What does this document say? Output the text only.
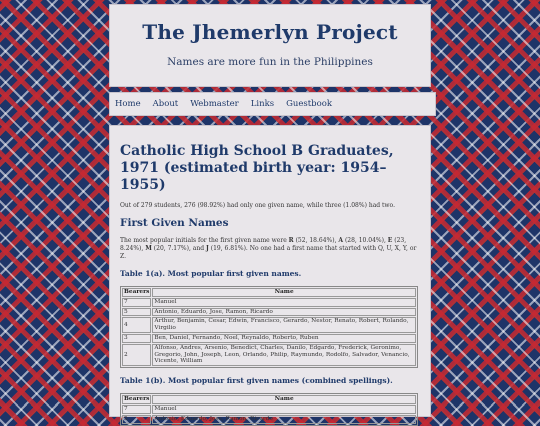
The Jhemerlyn Project
Names are more fun in the Philippines
Home About Webmaster Links Guestbook
Catholic High School B Graduates, 1971 (estimated birth year: 1954–1955)

Out of 279 students, 276 (98.92%) had only one given name, while three (1.08%) had two.

First Given Names

The most popular initials for the first given name were R (52, 18.64%), A (28, 10.04%), E (23, 8.24%), M (20, 7.17%), and J (19, 6.81%). No one had a first name that started with Q, U, X, Y, or Z.

Table 1(a). Most popular first given names.
Bearers	Name
7	Manuel
5	Antonio, Eduardo, Jose, Ramon, Ricardo
4	Arthur, Benjamin, Cesar, Edwin, Francisco, Gerardo, Nestor, Renato, Robert, Rolando, Virgilio
3	Ben, Daniel, Fernando, Noel, Reynaldo, Roberto, Ruben
2	Alfonso, Andres, Arsenio, Benedict, Charles, Danilo, Edgardo, Frederick, Geronimo, Gregorio, John, Joseph, Leon, Orlando, Philip, Raymundo, Rodolfo, Salvador, Venancio, Vicente, William
Table 1(b). Most popular first given names (combined spellings).
Bearers	Name
7	Manuel
5	Antonio, Eduardo, Jose, Ramon, Ricardo
